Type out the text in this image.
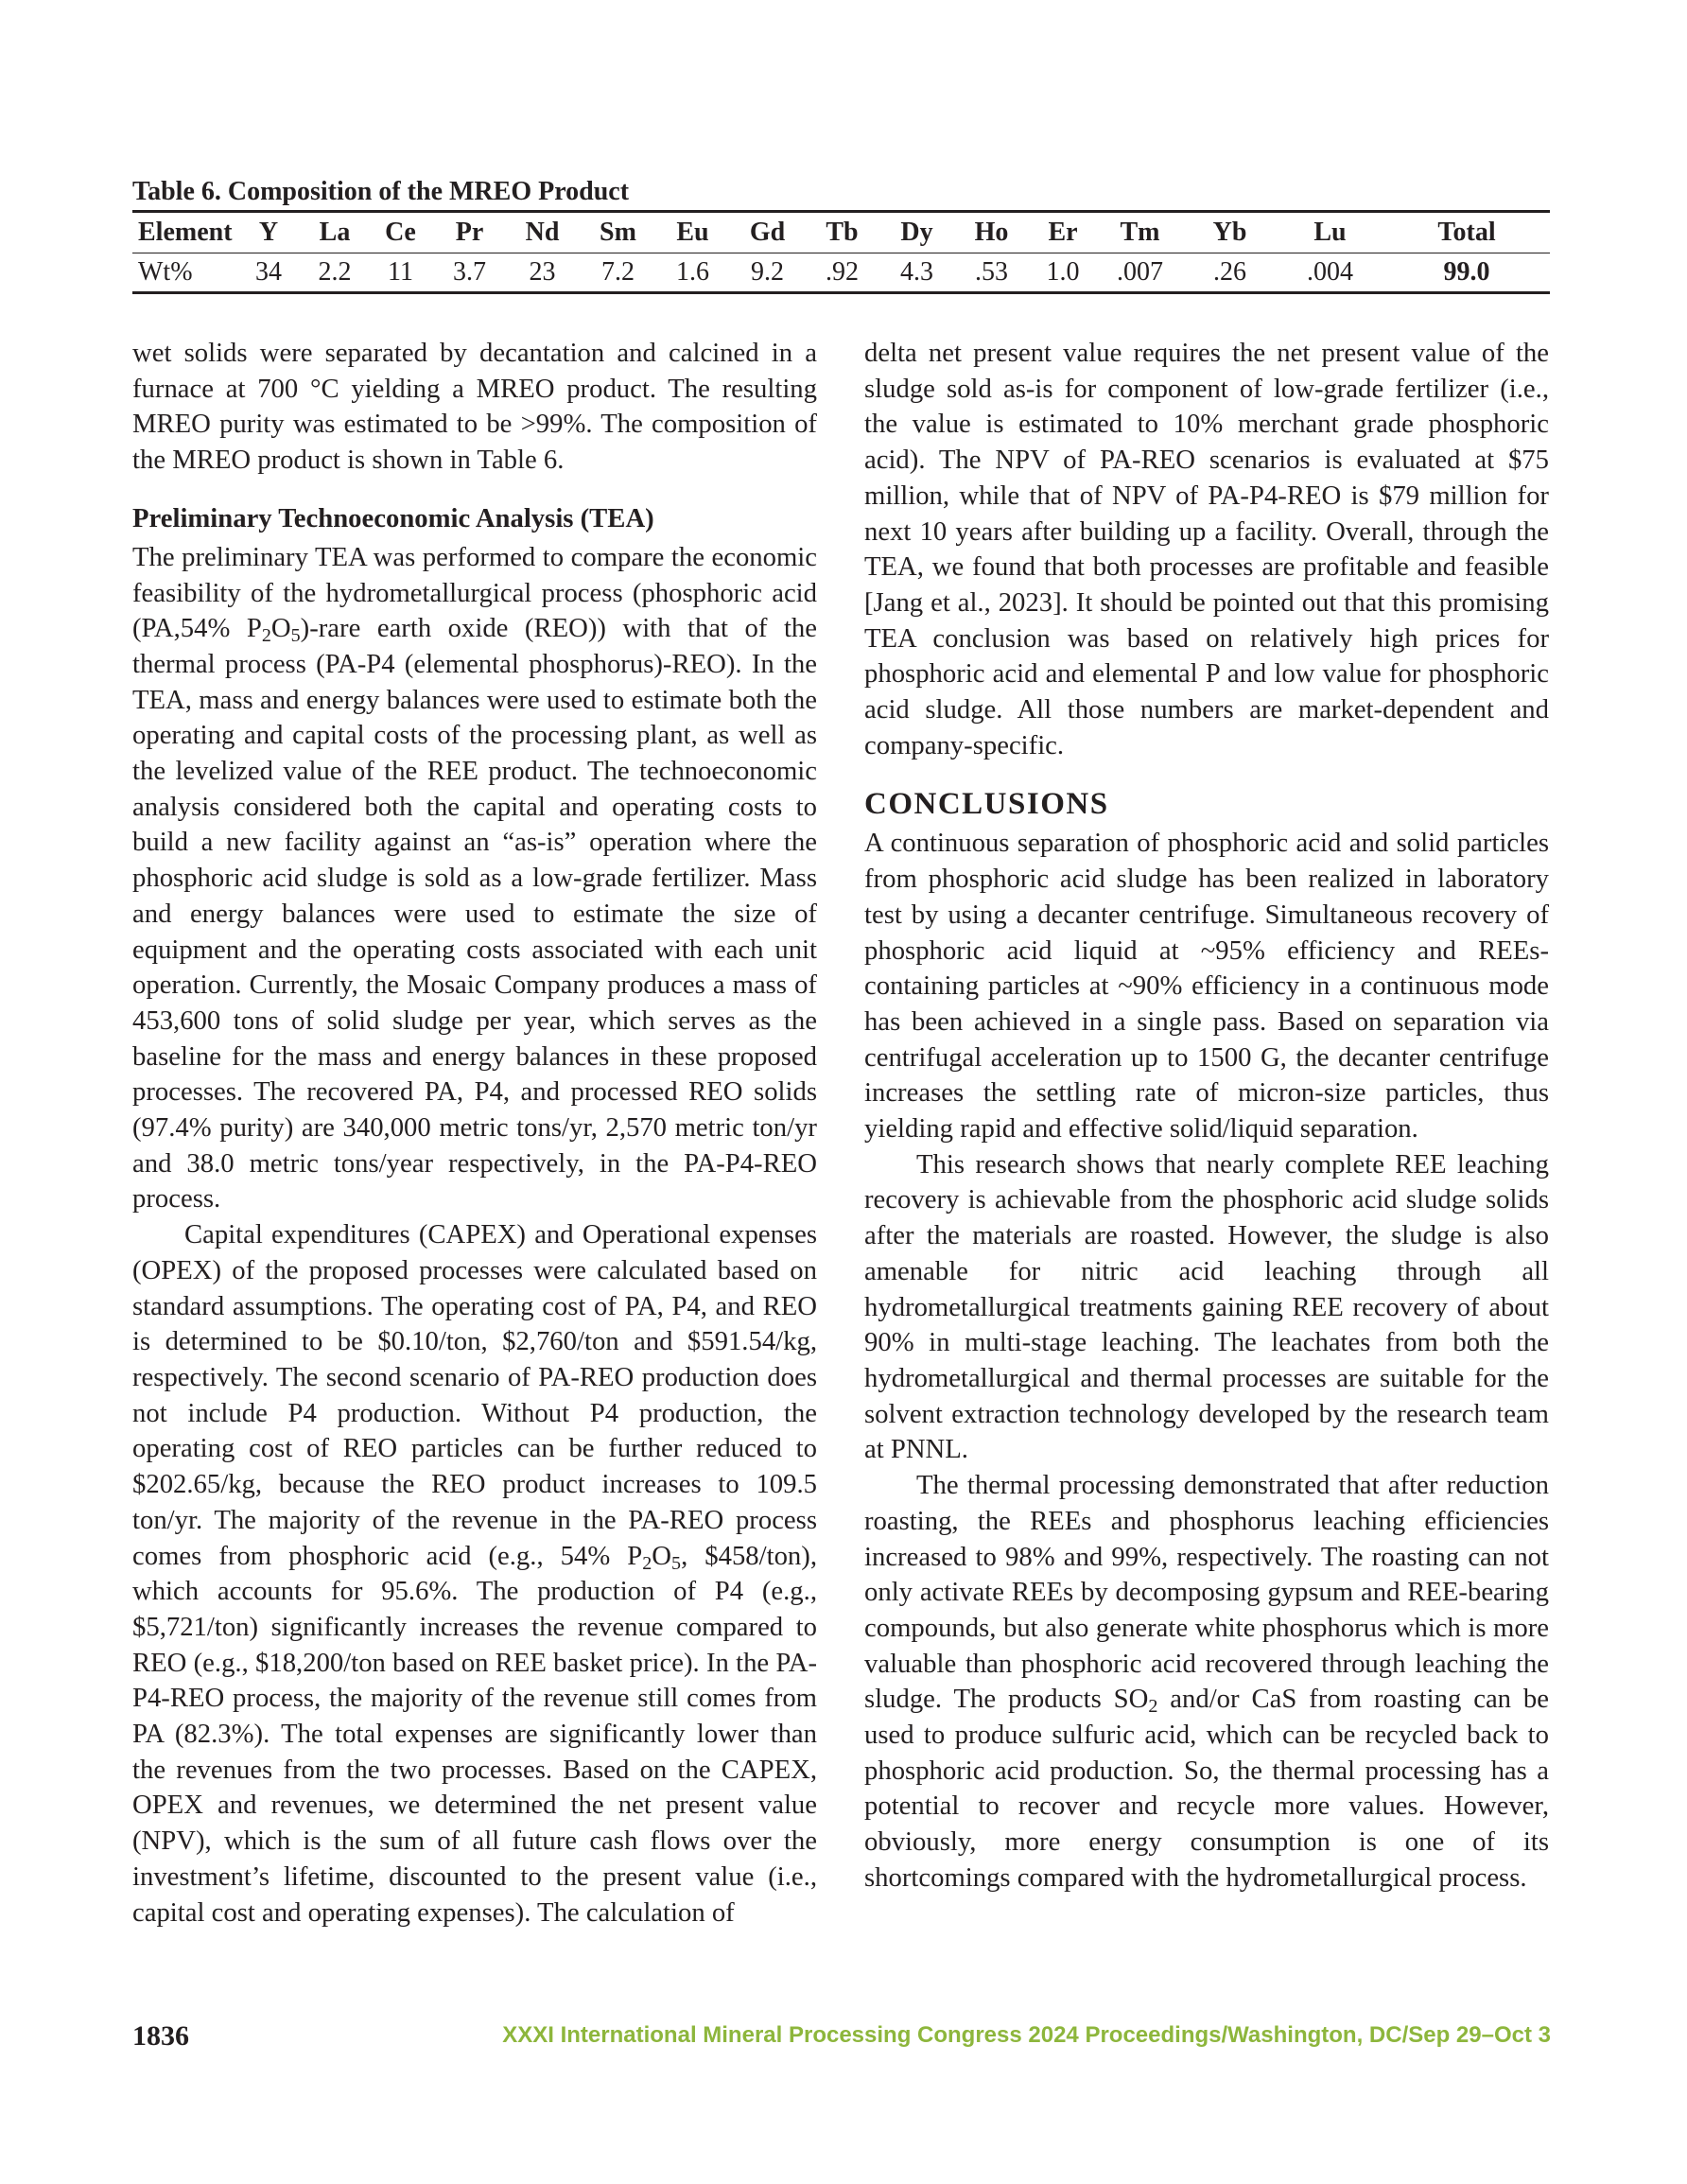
Table 6. Composition of the MREO Product
Element	Y	La	Ce	Pr	Nd	Sm	Eu	Gd	Tb	Dy	Ho	Er	Tm	Yb	Lu	Total
Wt%	34	2.2	11	3.7	23	7.2	1.6	9.2	.92	4.3	.53	1.0	.007	.26	.004	99.0

wet solids were separated by decantation and calcined in a furnace at 700 °C yielding a MREO product. The resulting MREO purity was estimated to be >99%. The composition of the MREO product is shown in Table 6.

Preliminary Technoeconomic Analysis (TEA)

The preliminary TEA was performed to compare the economic feasibility of the hydrometallurgical process (phosphoric acid (PA,54% $P_2O_5$)-rare earth oxide (REO)) with that of the thermal process (PA-P4 (elemental phosphorus)-REO). In the TEA, mass and energy balances were used to estimate both the operating and capital costs of the processing plant, as well as the levelized value of the REE product. The technoeconomic analysis considered both the capital and operating costs to build a new facility against an “as-is” operation where the phosphoric acid sludge is sold as a low-grade fertilizer. Mass and energy balances were used to estimate the size of equipment and the operating costs associated with each unit operation. Currently, the Mosaic Company produces a mass of 453,600 tons of solid sludge per year, which serves as the baseline for the mass and energy balances in these proposed processes. The recovered PA, P4, and processed REO solids (97.4% purity) are 340,000 metric tons/yr, 2,570 metric ton/yr and 38.0 metric tons/year respectively, in the PA-P4-REO process.

Capital expenditures (CAPEX) and Operational expenses (OPEX) of the proposed processes were calculated based on standard assumptions. The operating cost of PA, P4, and REO is determined to be $0.10/ton, $2,760/ton and $591.54/kg, respectively. The second scenario of PA-REO production does not include P4 production. Without P4 production, the operating cost of REO particles can be further reduced to $202.65/kg, because the REO product increases to 109.5 ton/yr. The majority of the revenue in the PA-REO process comes from phosphoric acid (e.g., 54% $P_2O_5$, $458/ton), which accounts for 95.6%. The production of P4 (e.g., $5,721/ton) significantly increases the revenue compared to REO (e.g., $18,200/ton based on REE basket price). In the PA-P4-REO process, the majority of the revenue still comes from PA (82.3%). The total expenses are significantly lower than the revenues from the two processes. Based on the CAPEX, OPEX and revenues, we determined the net present value (NPV), which is the sum of all future cash flows over the investment’s lifetime, discounted to the present value (i.e., capital cost and operating expenses). The calculation of

delta net present value requires the net present value of the sludge sold as-is for component of low-grade fertilizer (i.e., the value is estimated to 10% merchant grade phosphoric acid). The NPV of PA-REO scenarios is evaluated at $75 million, while that of NPV of PA-P4-REO is $79 million for next 10 years after building up a facility. Overall, through the TEA, we found that both processes are profitable and feasible [Jang et al., 2023]. It should be pointed out that this promising TEA conclusion was based on relatively high prices for phosphoric acid and elemental P and low value for phosphoric acid sludge. All those numbers are market-dependent and company-specific.

CONCLUSIONS

A continuous separation of phosphoric acid and solid particles from phosphoric acid sludge has been realized in laboratory test by using a decanter centrifuge. Simultaneous recovery of phosphoric acid liquid at ~95% efficiency and REEs-containing particles at ~90% efficiency in a continuous mode has been achieved in a single pass. Based on separation via centrifugal acceleration up to 1500 G, the decanter centrifuge increases the settling rate of micron-size particles, thus yielding rapid and effective solid/liquid separation.

This research shows that nearly complete REE leaching recovery is achievable from the phosphoric acid sludge solids after the materials are roasted. However, the sludge is also amenable for nitric acid leaching through all hydrometallurgical treatments gaining REE recovery of about 90% in multi-stage leaching. The leachates from both the hydrometallurgical and thermal processes are suitable for the solvent extraction technology developed by the research team at PNNL.

The thermal processing demonstrated that after reduction roasting, the REEs and phosphorus leaching efficiencies increased to 98% and 99%, respectively. The roasting can not only activate REEs by decomposing gypsum and REE-bearing compounds, but also generate white phosphorus which is more valuable than phosphoric acid recovered through leaching the sludge. The products $SO_2$ and/or CaS from roasting can be used to produce sulfuric acid, which can be recycled back to phosphoric acid production. So, the thermal processing has a potential to recover and recycle more values. However, obviously, more energy consumption is one of its shortcomings compared with the hydrometallurgical process.

1836	XXXI International Mineral Processing Congress 2024 Proceedings/Washington, DC/Sep 29–Oct 3
